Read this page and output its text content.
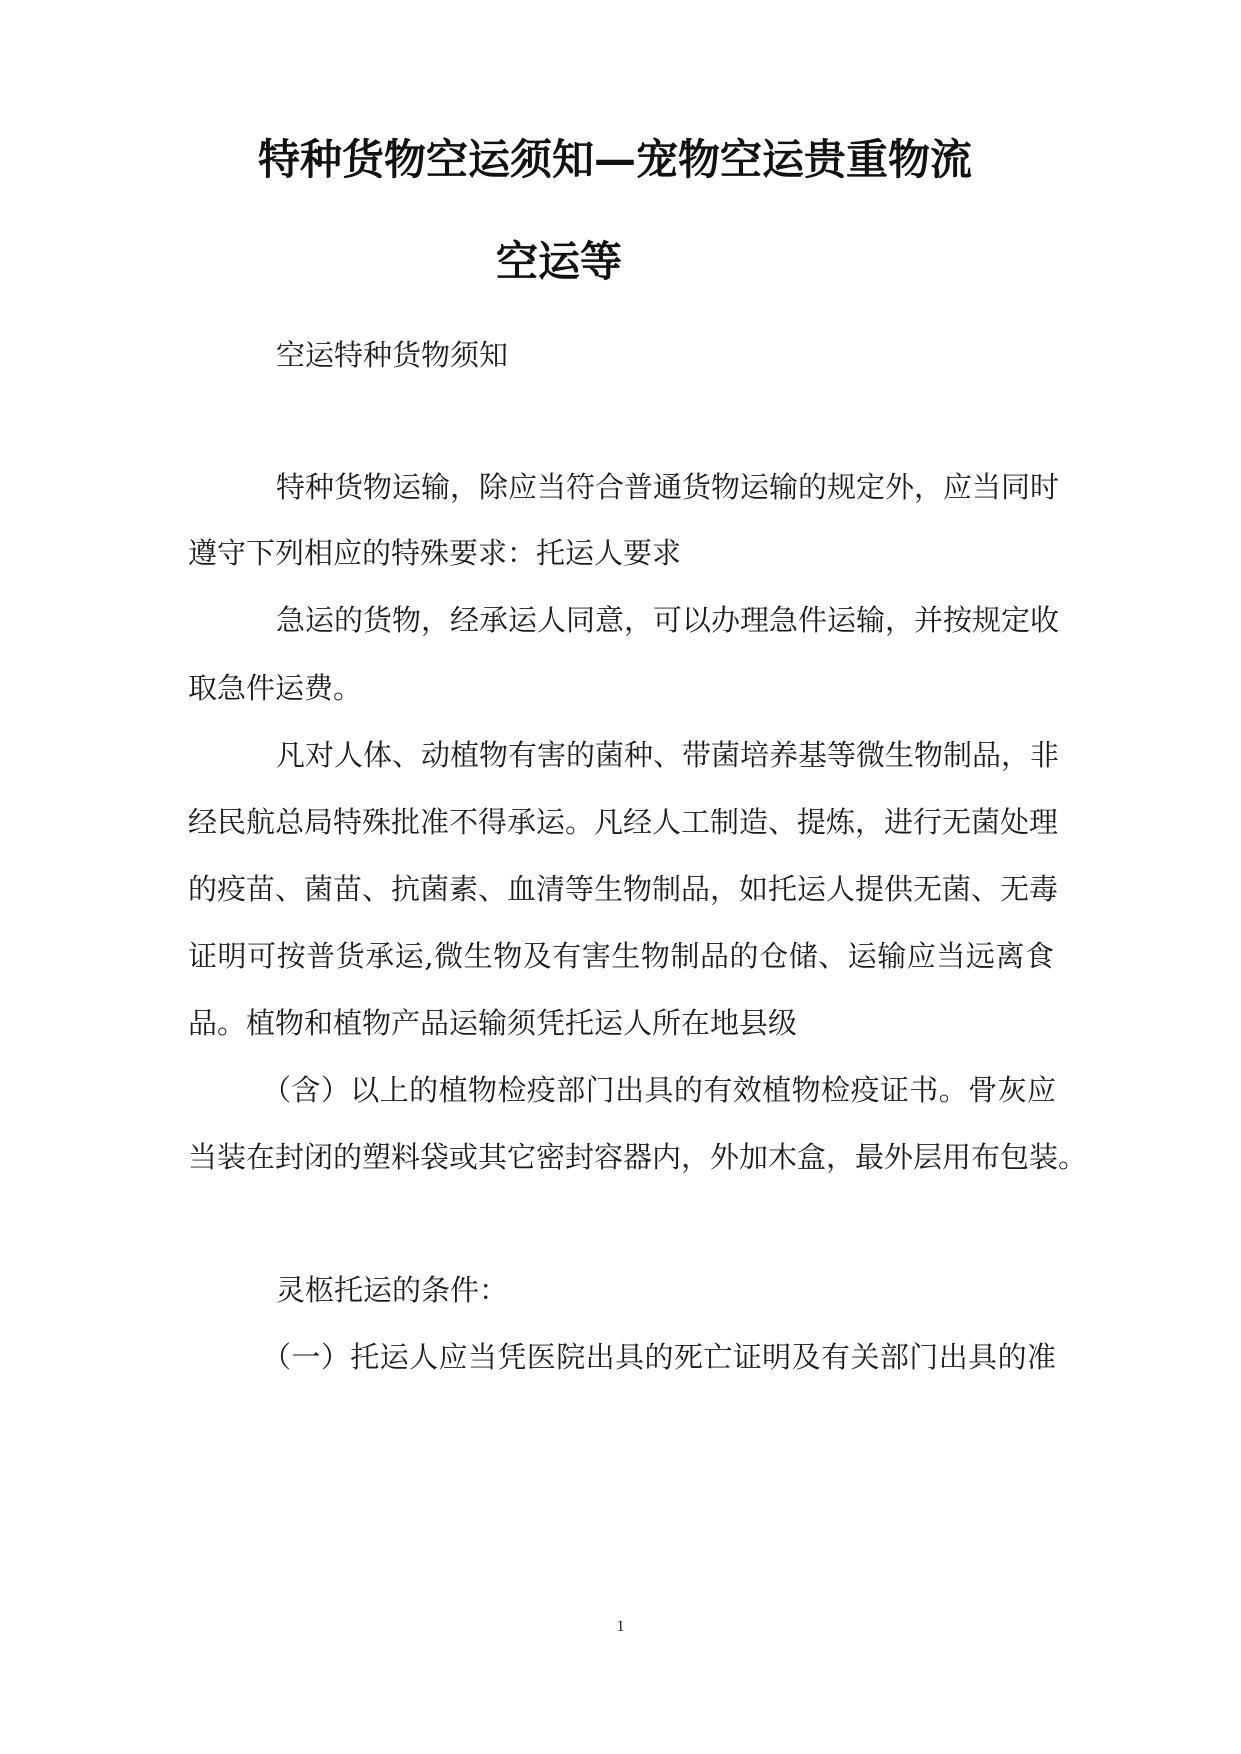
特种货物空运须知—宠物空运贵重物流
空运等
空运特种货物须知
特种货物运输，除应当符合普通货物运输的规定外，应当同时
遵守下列相应的特殊要求：托运人要求
急运的货物，经承运人同意，可以办理急件运输，并按规定收
取急件运费。
凡对人体、动植物有害的菌种、带菌培养基等微生物制品，非
经民航总局特殊批准不得承运。凡经人工制造、提炼，进行无菌处理
的疫苗、菌苗、抗菌素、血清等生物制品，如托运人提供无菌、无毒
证明可按普货承运,微生物及有害生物制品的仓储、运输应当远离食
品。植物和植物产品运输须凭托运人所在地县级
（含）以上的植物检疫部门出具的有效植物检疫证书。骨灰应
当装在封闭的塑料袋或其它密封容器内，外加木盒，最外层用布包装。
灵柩托运的条件：
（一）托运人应当凭医院出具的死亡证明及有关部门出具的准
1
